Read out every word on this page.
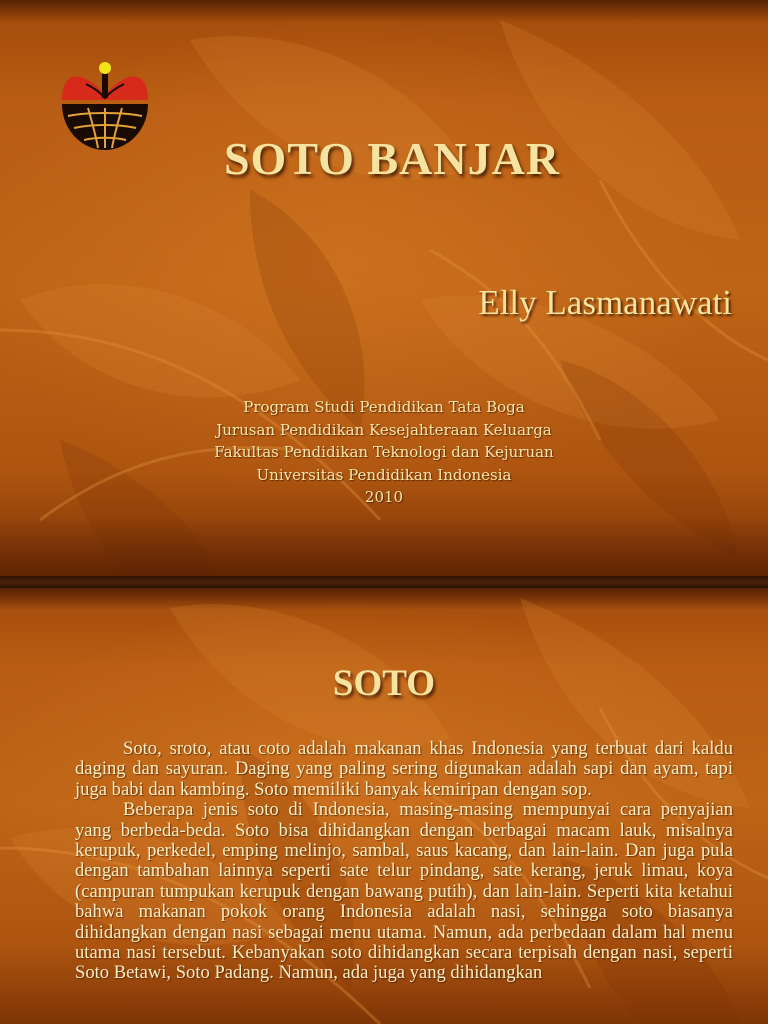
SOTO BANJAR
Elly Lasmanawati
Program Studi Pendidikan Tata Boga
Jurusan Pendidikan Kesejahteraan Keluarga
Fakultas Pendidikan Teknologi dan Kejuruan
Universitas Pendidikan Indonesia
2010
SOTO

Soto, sroto, atau coto adalah makanan khas Indonesia yang terbuat dari kaldu daging dan sayuran. Daging yang paling sering digunakan adalah sapi dan ayam, tapi juga babi dan kambing. Soto memiliki banyak kemiripan dengan sop.

Beberapa jenis soto di Indonesia, masing-masing mempunyai cara penyajian yang berbeda-beda. Soto bisa dihidangkan dengan berbagai macam lauk, misalnya kerupuk, perkedel, emping melinjo, sambal, saus kacang, dan lain-lain. Dan juga pula dengan tambahan lainnya seperti sate telur pindang, sate kerang, jeruk limau, koya (campuran tumpukan kerupuk dengan bawang putih), dan lain-lain. Seperti kita ketahui bahwa makanan pokok orang Indonesia adalah nasi, sehingga soto biasanya dihidangkan dengan nasi sebagai menu utama. Namun, ada perbedaan dalam hal menu utama nasi tersebut. Kebanyakan soto dihidangkan secara terpisah dengan nasi, seperti Soto Betawi, Soto Padang. Namun, ada juga yang dihidangkan
